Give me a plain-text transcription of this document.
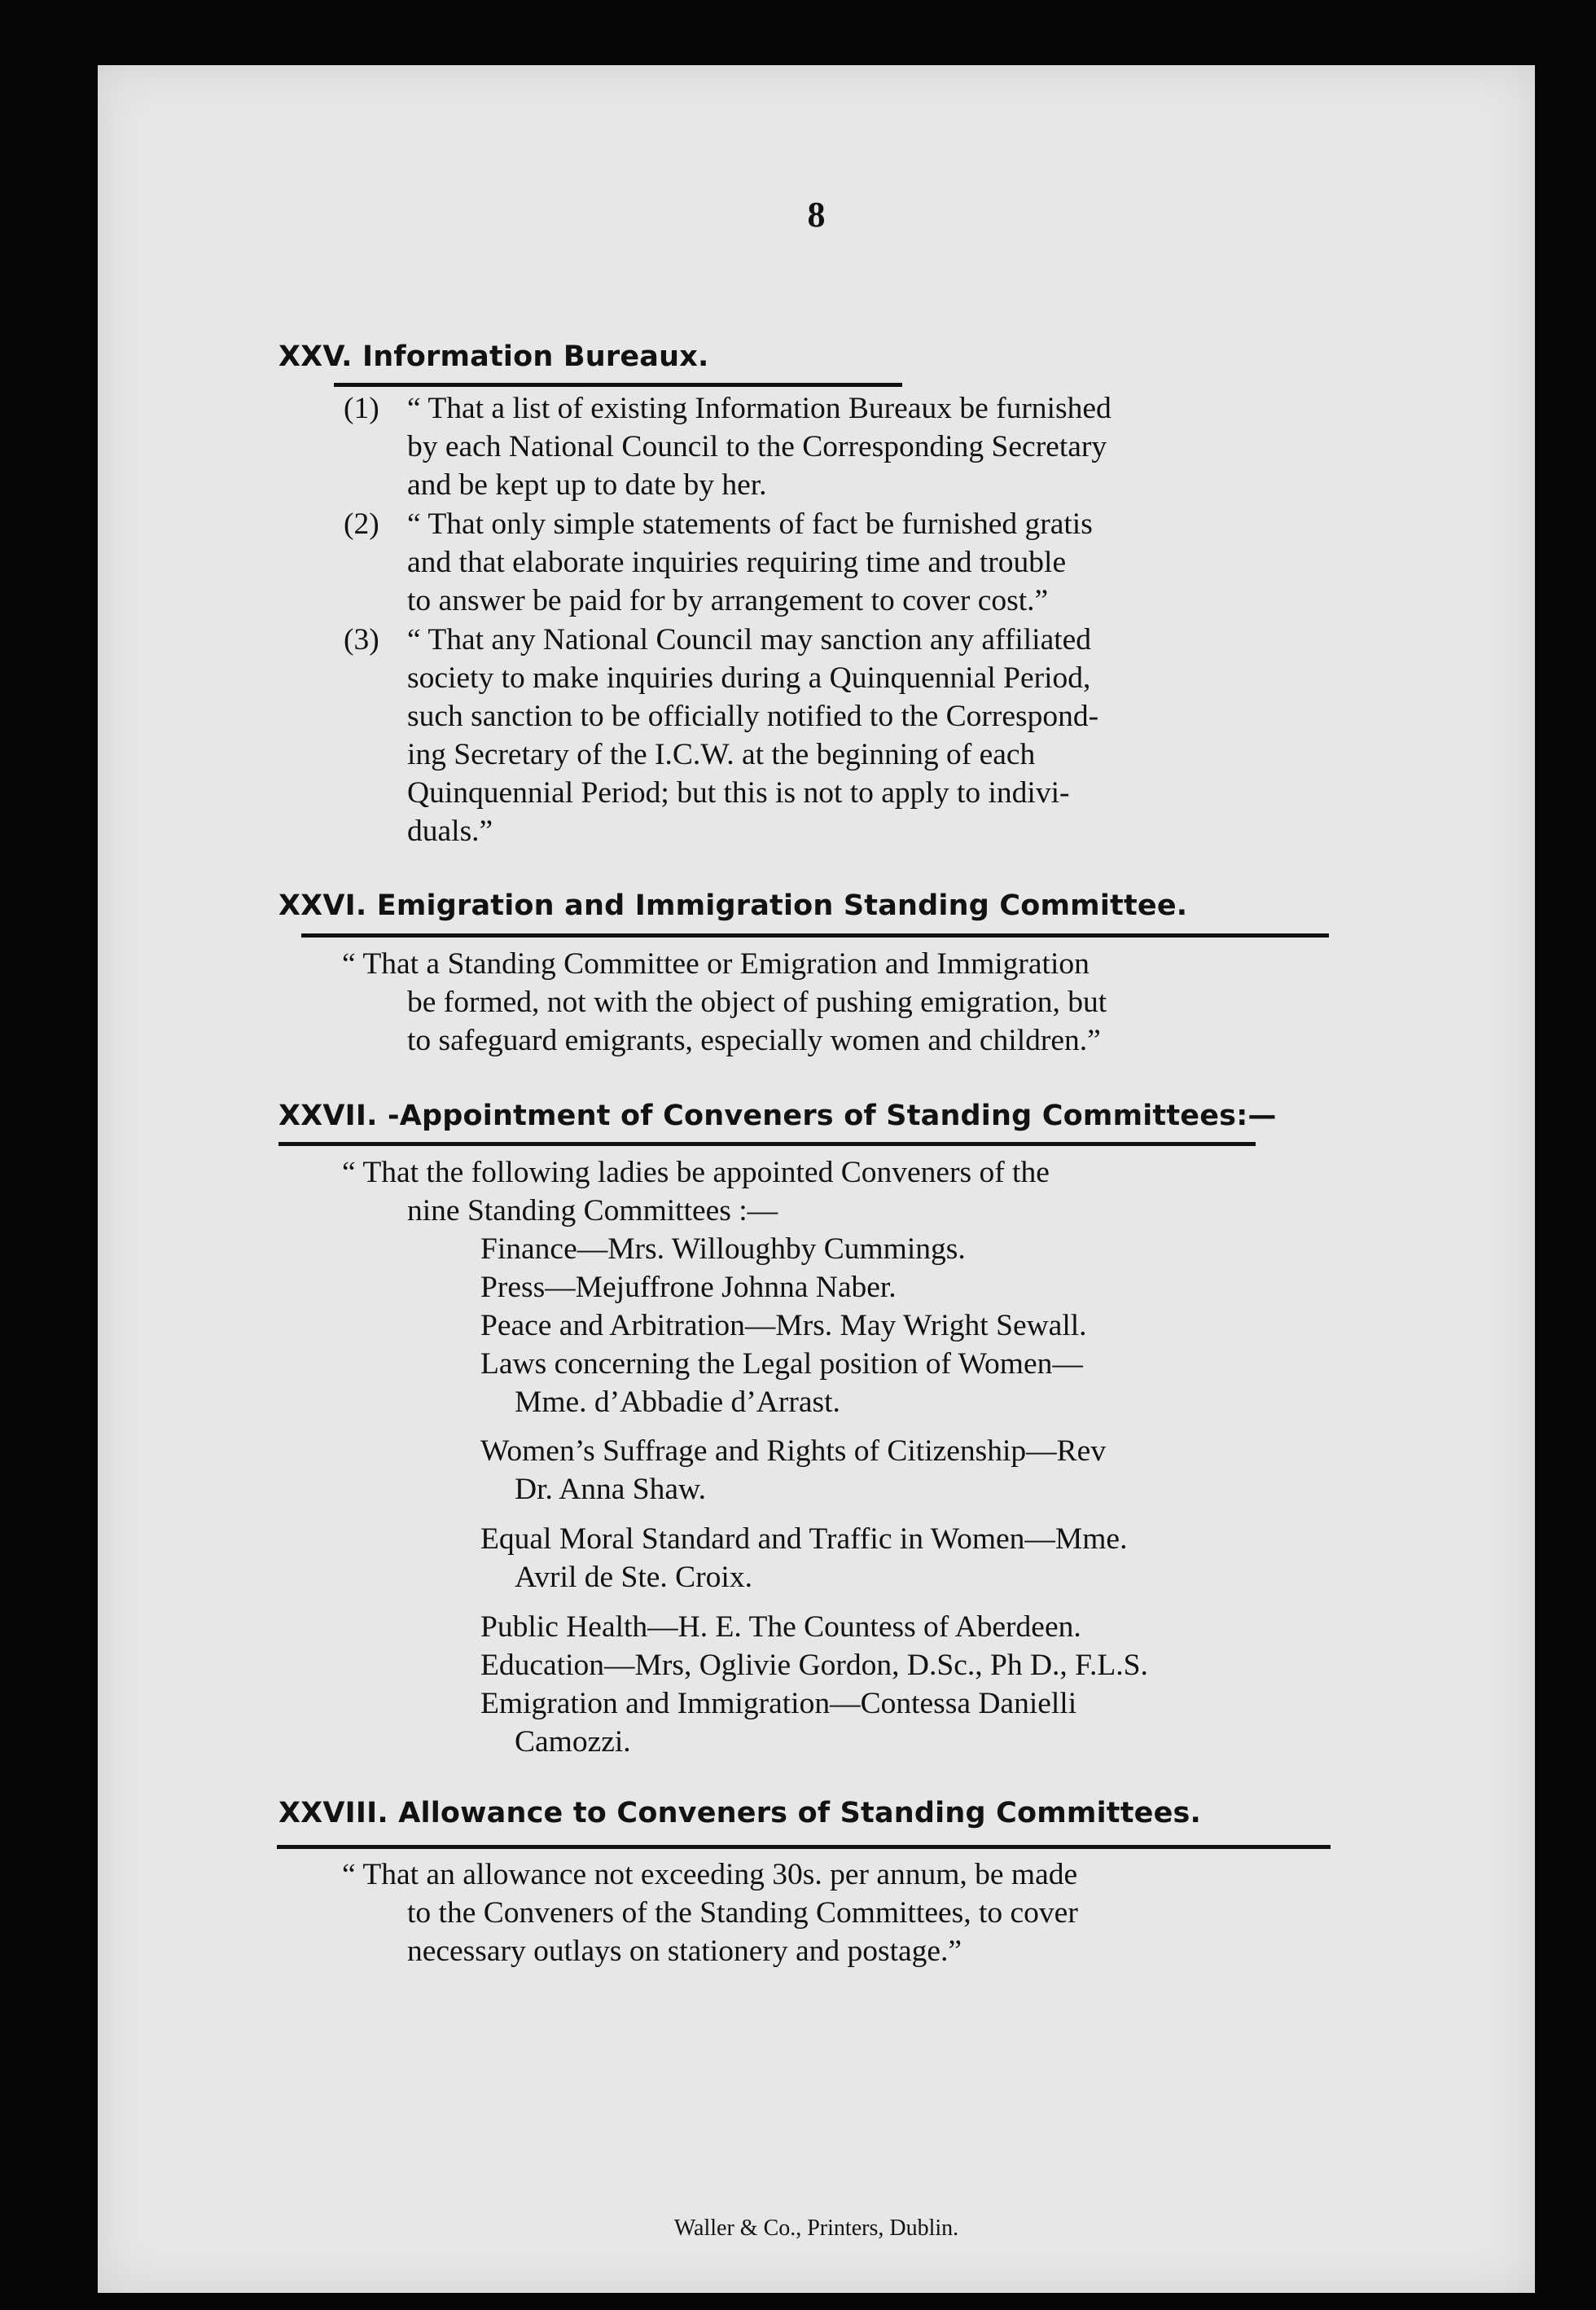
8
XXV. Information Bureaux.
(1) “ That a list of existing Information Bureaux be furnished
by each National Council to the Corresponding Secretary
and be kept up to date by her.
(2) “ That only simple statements of fact be furnished gratis
and that elaborate inquiries requiring time and trouble
to answer be paid for by arrangement to cover cost.”
(3) “ That any National Council may sanction any affiliated
society to make inquiries during a Quinquennial Period,
such sanction to be officially notified to the Correspond-
ing Secretary of the I.C.W. at the beginning of each
Quinquennial Period; but this is not to apply to indivi-
duals.”
XXVI. Emigration and Immigration Standing Committee.
“ That a Standing Committee or Emigration and Immigration
be formed, not with the object of pushing emigration, but
to safeguard emigrants, especially women and children.”
XXVII. -Appointment of Conveners of Standing Committees:—
“ That the following ladies be appointed Conveners of the
nine Standing Committees :—
Finance—Mrs. Willoughby Cummings.
Press—Mejuffrone Johnna Naber.
Peace and Arbitration—Mrs. May Wright Sewall.
Laws concerning the Legal position of Women—
Mme. d’Abbadie d’Arrast.
Women’s Suffrage and Rights of Citizenship—Rev
Dr. Anna Shaw.
Equal Moral Standard and Traffic in Women—Mme.
Avril de Ste. Croix.
Public Health—H. E. The Countess of Aberdeen.
Education—Mrs, Oglivie Gordon, D.Sc., Ph D., F.L.S.
Emigration and Immigration—Contessa Danielli
Camozzi.
XXVIII. Allowance to Conveners of Standing Committees.
“ That an allowance not exceeding 30s. per annum, be made
to the Conveners of the Standing Committees, to cover
necessary outlays on stationery and postage.”
Waller & Co., Printers, Dublin.
